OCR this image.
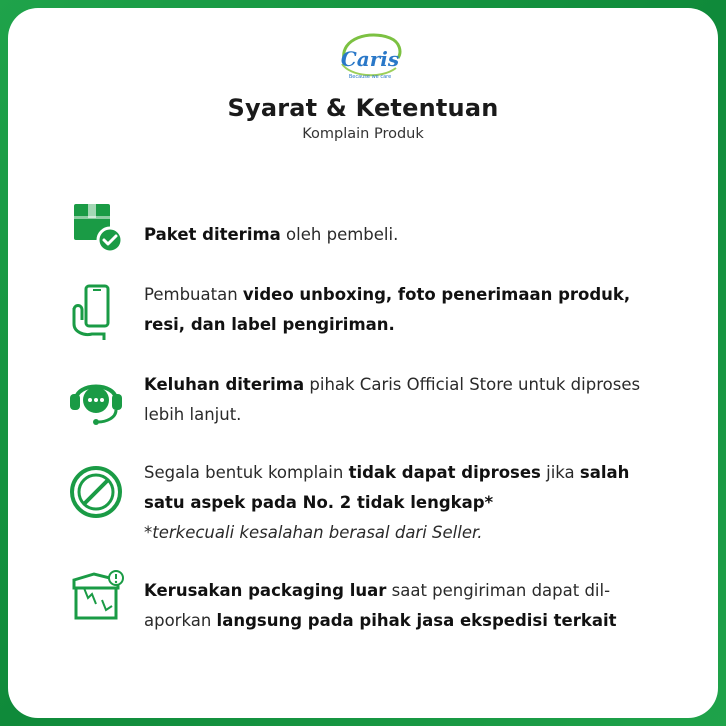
Caris
Because we care
Syarat & Ketentuan

Komplain Produk

Paket diterima oleh pembeli.
Pembuatan video unboxing, foto penerimaan produk,
resi, dan label pengiriman.
Keluhan diterima pihak Caris Official Store untuk diproses
lebih lanjut.
Segala bentuk komplain tidak dapat diproses jika salah
satu aspek pada No. 2 tidak lengkap*
*terkecuali kesalahan berasal dari Seller.
Kerusakan packaging luar saat pengiriman dapat dil-
aporkan langsung pada pihak jasa ekspedisi terkait
